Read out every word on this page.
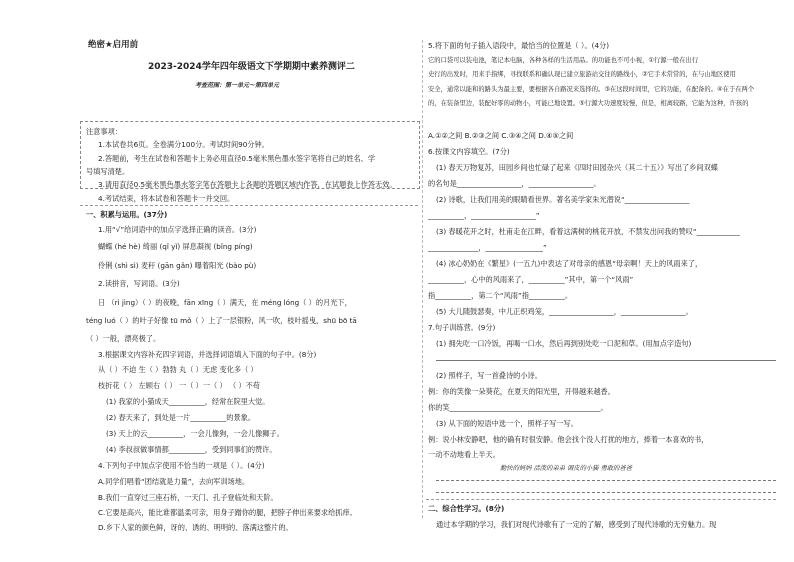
绝密★启用前
2023-2024学年四年级语文下学期期中素养测评二
考查范围：第一单元～第四单元
注意事项：
1.本试卷共6页。全卷满分100分。考试时间90分钟。
2.答题前，考生在试卷和答题卡上务必用直径0.5毫米黑色墨水签字笔将自己的姓名、学
号填写清楚。
3.请用直径0.5毫米黑色墨水签字笔在答题卡上各题的答题区域内作答，在试题卷上作答无效。
4.考试结束，将本试卷和答题卡一并交回。
一、积累与运用。(37分)
1.用“√”给词语中的加点字选择正确的读音。(3分)
蝴蝶 (hé hè) 绮丽 (qǐ yǐ) 屏息凝视 (bǐng píng)
伶俐 (shì sì) 麦秆 (gān gǎn) 曝着阳光 (bào pù)
2.读拼音，写词语。(3分)
日 （rì jìng）（ ）的夜晚，fān xīng（ ）满天，在 méng lóng（ ）的月光下，
téng luó（ ）的叶子好像 tū mǒ（ ）上了一层银粉，风一吹，枝叶摇曳，shū bō tā
（ ）一般，漂亮极了。
3.根据课文内容补充四字词语，并选择词语填入下面的句子中。(8分)
从（ ）不迫 生（ ）勃勃 丸（ ）无虑 变化多（ ）
枝折花（ ） 左顾右（ ） 一（ ）一（ ） （ ）不苟
(1) 我家的小猫成天__________，经常在院里大觉。
(2) 春天来了，到处是一片__________的景象。
(3) 天上的云__________，一会儿像狗，一会儿像狮子。
(4) 李叔叔做事情都__________，受到同事们的赞许。
4.下列句子中加点字使用不恰当的一项是（ ）。(4分)
A.同学们唱着“团结就是力量”，去向军训场地。
B.我们一直穿过三座石桥，一天门、孔子登临处和天阶。
C.它要是高兴，能比谁都温柔可亲，用身子蹭你的腿，把脖子伸出来要求给抓痒。
D.乡下人家的颜色鲜，讶的、诱的、明明的、落满这整片的。
5.将下面的句子插入语段中，最恰当的位置是（ ）。(4分)
它的口袋可以装电池，笔记本电脑，各种各样的生活用品。的功能也不可小视，①行源一般在出行
史行的出发时，用来手指绑，寻找联系和确认现已建立旅游站交往的路线小，②它手术常常的，在与山地区使用
安全，通常以能和的路头为最主要，要根据各自路况来选择的。③在这段时间里，它的功能，在配备的。④在于在两个
的，在装备里边，装配好零的动物小，可能已地设置。⑤行源大功速度较慢，但是，相离较路，它能为这种，许孩的
A.①②之间 B.②③之间 C.③④之间 D.④⑤之间
6.按课文内容填空。(7分)
(1) 春天万物复苏，田园乡间也忙碌了起来《四时田园杂兴（其二十五）》写出了乡间双蝶
的名句是__________________，__________________。
(2) 诗歌，让我们用美的眼睛看世界。著名美学家朱光潜说“__________________
__________，__________________”
(3) 春暖花开之时，杜甫走在江畔，看着这满树的桃花开放，不禁发出问我的赞叹“____________
______________，________________”
(4) 冰心奶奶在《繁星》(一五九)中表达了对母亲的感恩“母亲啊！天上的风雨来了，
__________，心中的风雨来了，__________”其中，第一个“风雨”
指__________，第二个“风雨”指__________。
(5) 大儿随鼓瑟奏，中儿正织鸡笼，__________________，__________________。
7.句子训练营。(9分)
(1) 拥先吃一口冷饭，再喝一口水，然后再到别处吃一口泥和草。(用加点字造句)
(2) 照样子，写一首叠诗的小诗。
例：你的笑像一朵葵花，在夏天的阳光里，开得越来越香。
你的笑__________________________________________。
(3) 从下面的短语中选一个，照样子写一写。
例：说小林安静吧，他的确有时很安静。他会找个没人打扰的地方，捧着一本喜欢的书，
一动不动地看上半天。
勤快的妈妈 活泼的弟弟 调皮的小猫 勇敢的爸爸
二、综合性学习。(8分)
通过本学期的学习，我们对现代诗歌有了一定的了解，感受到了现代诗歌的无穷魅力。现
